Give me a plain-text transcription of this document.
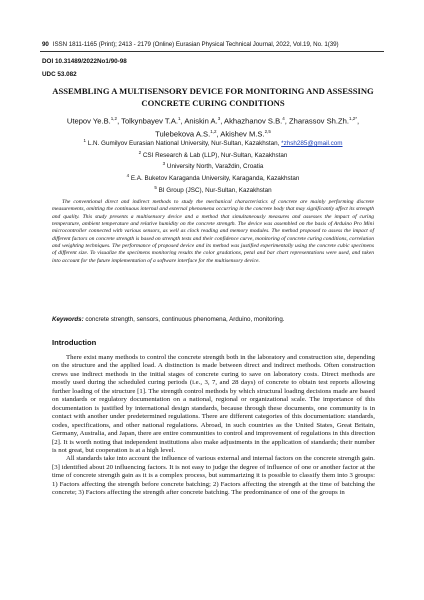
90 ISSN 1811-1165 (Print); 2413 - 2179 (Online) Eurasian Physical Technical Journal, 2022, Vol.19, No. 1(39)
DOI 10.31489/2022No1/90-98
UDC 53.082
ASSEMBLING A MULTISENSORY DEVICE FOR MONITORING AND ASSESSING CONCRETE CURING CONDITIONS
Utepov Ye.B.$^{1,2}$, Tolkynbayev T.A.$^1$, Aniskin A.$^3$, Akhazhanov S.B.$^4$, Zharassov Sh.Zh.$^{1,2*}$,
Tulebekova A.S.$^{1,2}$, Akishev M.S.$^{2,5}$
$^1$ L.N. Gumilyov Eurasian National University, Nur-Sultan, Kazakhstan, *zhsh285@gmail.com
$^2$ CSI Research & Lab (LLP), Nur-Sultan, Kazakhstan
$^3$ University North, Varaždin, Croatia
$^4$ E.A. Buketov Karaganda University, Karaganda, Kazakhstan
$^5$ BI Group (JSC), Nur-Sultan, Kazakhstan
The conventional direct and indirect methods to study the mechanical characteristics of concrete are mainly performing discrete measurements, omitting the continuous internal and external phenomena occurring in the concrete body that may significantly affect its strength and quality. This study presents a multisensory device and a method that simultaneously measures and assesses the impact of curing temperature, ambient temperature and relative humidity on the concrete strength. The device was assembled on the basis of Arduino Pro Mini microcontroller connected with various sensors, as well as clock reading and memory modules. The method proposed to assess the impact of different factors on concrete strength is based on strength tests and their confidence curve, monitoring of concrete curing conditions, correlation and weighting techniques. The performance of proposed device and its method was justified experimentally using the concrete cubic specimens of different size. To visualize the specimens monitoring results the color gradations, petal and bar chart representations were used, and taken into account for the future implementation of a software interface for the multisensory device.
Keywords: concrete strength, sensors, continuous phenomena, Arduino, monitoring.
Introduction

There exist many methods to control the concrete strength both in the laboratory and construction site, depending on the structure and the applied load. A distinction is made between direct and indirect methods. Often construction crews use indirect methods in the initial stages of concrete curing to save on laboratory costs. Direct methods are mostly used during the scheduled curing periods (i.e., 3, 7, and 28 days) of concrete to obtain test reports allowing further loading of the structure [1]. The strength control methods by which structural loading decisions made are based on standards or regulatory documentation on a national, regional or organizational scale. The importance of this documentation is justified by international design standards, because through these documents, one community is in contact with another under predetermined regulations. There are different categories of this documentation: standards, codes, specifications, and other national regulations. Abroad, in such countries as the United States, Great Britain, Germany, Australia, and Japan, there are entire communities to control and improvement of regulations in this direction [2]. It is worth noting that independent institutions also make adjustments in the application of standards; their number is not great, but cooperation is at a high level.

All standards take into account the influence of various external and internal factors on the concrete strength gain. [3] identified about 20 influencing factors. It is not easy to judge the degree of influence of one or another factor at the time of concrete strength gain as it is a complex process, but summarizing it is possible to classify them into 3 groups: 1) Factors affecting the strength before concrete batching; 2) Factors affecting the strength at the time of batching the concrete; 3) Factors affecting the strength after concrete batching. The predominance of one of the groups in
